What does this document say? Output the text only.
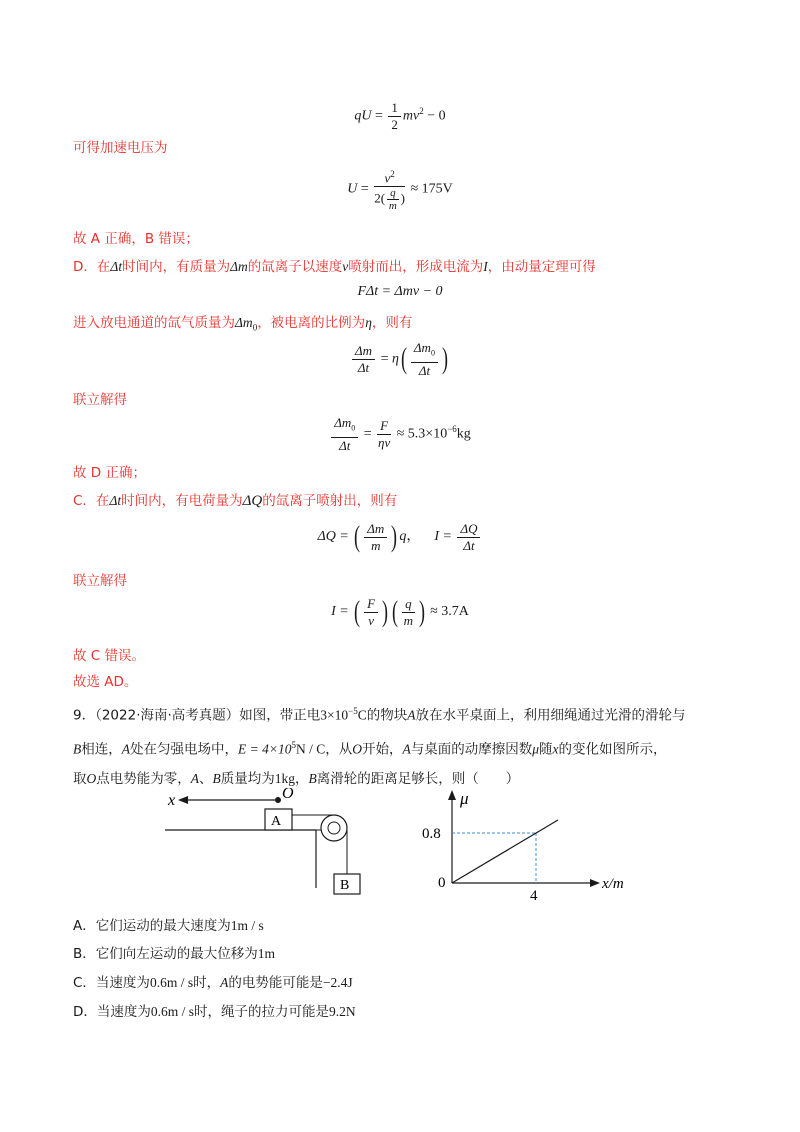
qU = $\frac{1}{2} mv^2 - 0$
可得加速电压为
$U = \frac{v^2}{2( \frac{q}{m} )} \approx 175V$
故 A 正确，B 错误；
D．在Δt时间内，有质量为Δm的氙离子以速度v喷射而出，形成电流为I，由动量定理可得
FΔt = Δmv − 0
进入放电通道的氙气质量为$\Delta m_0$，被电离的比例为η，则有
$\frac{\Delta m}{\Delta t} = \eta( \frac{\Delta m_0}{\Delta t}$ )
联立解得
$\frac{\Delta m_0}{\Delta t} = \frac{F}{\eta v} \approx 5.3\times 10^{-6}kg$
故 D 正确；
C．在Δt时间内，有电荷量为ΔQ的氙离子喷射出，则有
ΔQ = ( $\frac{\Delta m}{m}$ ) q， $I = \frac{\Delta Q}{\Delta t}$
联立解得
I = ( $\frac{F}{v}$ ) ( $\frac{q}{m}$ ) ≈ 3.7A
故 C 错误。
故选 AD。
9．（2022·海南·高考真题）如图，带正电$3\times 10^{-5}C$的物块A放在水平桌面上，利用细绳通过光滑的滑轮与
B相连，A处在匀强电场中，$E = 4\times 10^5N / C$，从O开始，A与桌面的动摩擦因数μ随x的变化如图所示，
取O点电势能为零，A、B质量均为1kg，B离滑轮的距离足够长，则（　　）
x	O
A
B
μ
x/m
0
0.8
4
A．它们运动的最大速度为1m / s
B．它们向左运动的最大位移为1m
C．当速度为0.6m / s时，A的电势能可能是−2.4J
D．当速度为0.6m / s时，绳子的拉力可能是9.2N
